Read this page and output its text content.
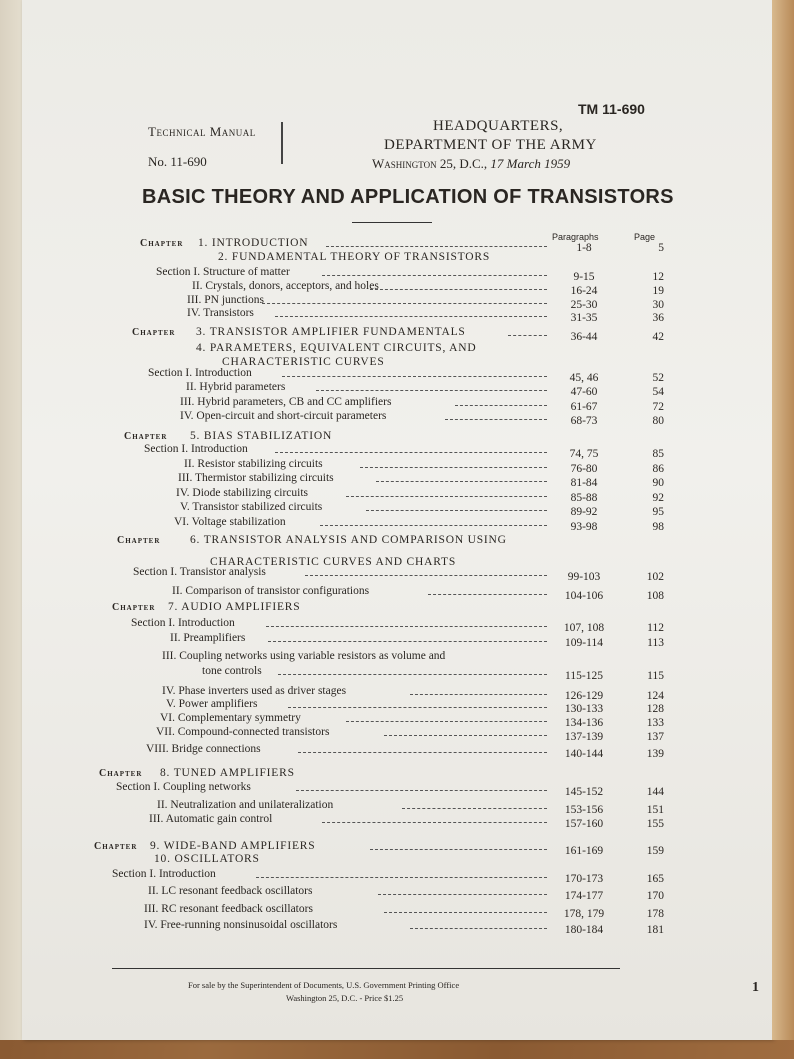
TM 11-690
Technical Manual
No. 11-690
HEADQUARTERS,
DEPARTMENT OF THE ARMY
Washington 25, D.C., 17 March 1959
BASIC THEORY AND APPLICATION OF TRANSISTORS
Paragraphs	Page
Chapter 1. INTRODUCTION	1-8	5
2. FUNDAMENTAL THEORY OF TRANSISTORS
Section I. Structure of matter	9-15	12
II. Crystals, donors, acceptors, and holes	16-24	19
III. PN junctions	25-30	30
IV. Transistors	31-35	36
Chapter 3. TRANSISTOR AMPLIFIER FUNDAMENTALS	36-44	42
4. PARAMETERS, EQUIVALENT CIRCUITS, AND
CHARACTERISTIC CURVES
Section I. Introduction	45, 46	52
II. Hybrid parameters	47-60	54
III. Hybrid parameters, CB and CC amplifiers	61-67	72
IV. Open-circuit and short-circuit parameters	68-73	80
Chapter 5. BIAS STABILIZATION
Section I. Introduction	74, 75	85
II. Resistor stabilizing circuits	76-80	86
III. Thermistor stabilizing circuits	81-84	90
IV. Diode stabilizing circuits	85-88	92
V. Transistor stabilized circuits	89-92	95
VI. Voltage stabilization	93-98	98
Chapter	6. TRANSISTOR ANALYSIS AND COMPARISON USING
CHARACTERISTIC CURVES AND CHARTS
Section I. Transistor analysis	99-103	102
II. Comparison of transistor configurations	104-106	108
Chapter 7. AUDIO AMPLIFIERS
Section I. Introduction	107, 108	112
II. Preamplifiers	109-114	113
III. Coupling networks using variable resistors as volume and
tone controls	115-125	115
IV. Phase inverters used as driver stages	126-129	124
V. Power amplifiers	130-133	128
VI. Complementary symmetry	134-136	133
VII. Compound-connected transistors	137-139	137
VIII. Bridge connections	140-144	139
Chapter 8. TUNED AMPLIFIERS
Section I. Coupling networks	145-152	144
II. Neutralization and unilateralization	153-156	151
III. Automatic gain control	157-160	155
Chapter 9. WIDE-BAND AMPLIFIERS	161-169	159
10. OSCILLATORS
Section I. Introduction	170-173	165
II. LC resonant feedback oscillators	174-177	170
III. RC resonant feedback oscillators	178, 179	178
IV. Free-running nonsinusoidal oscillators	180-184	181
For sale by the Superintendent of Documents, U.S. Government Printing Office
Washington 25, D.C. - Price $1.25
1
